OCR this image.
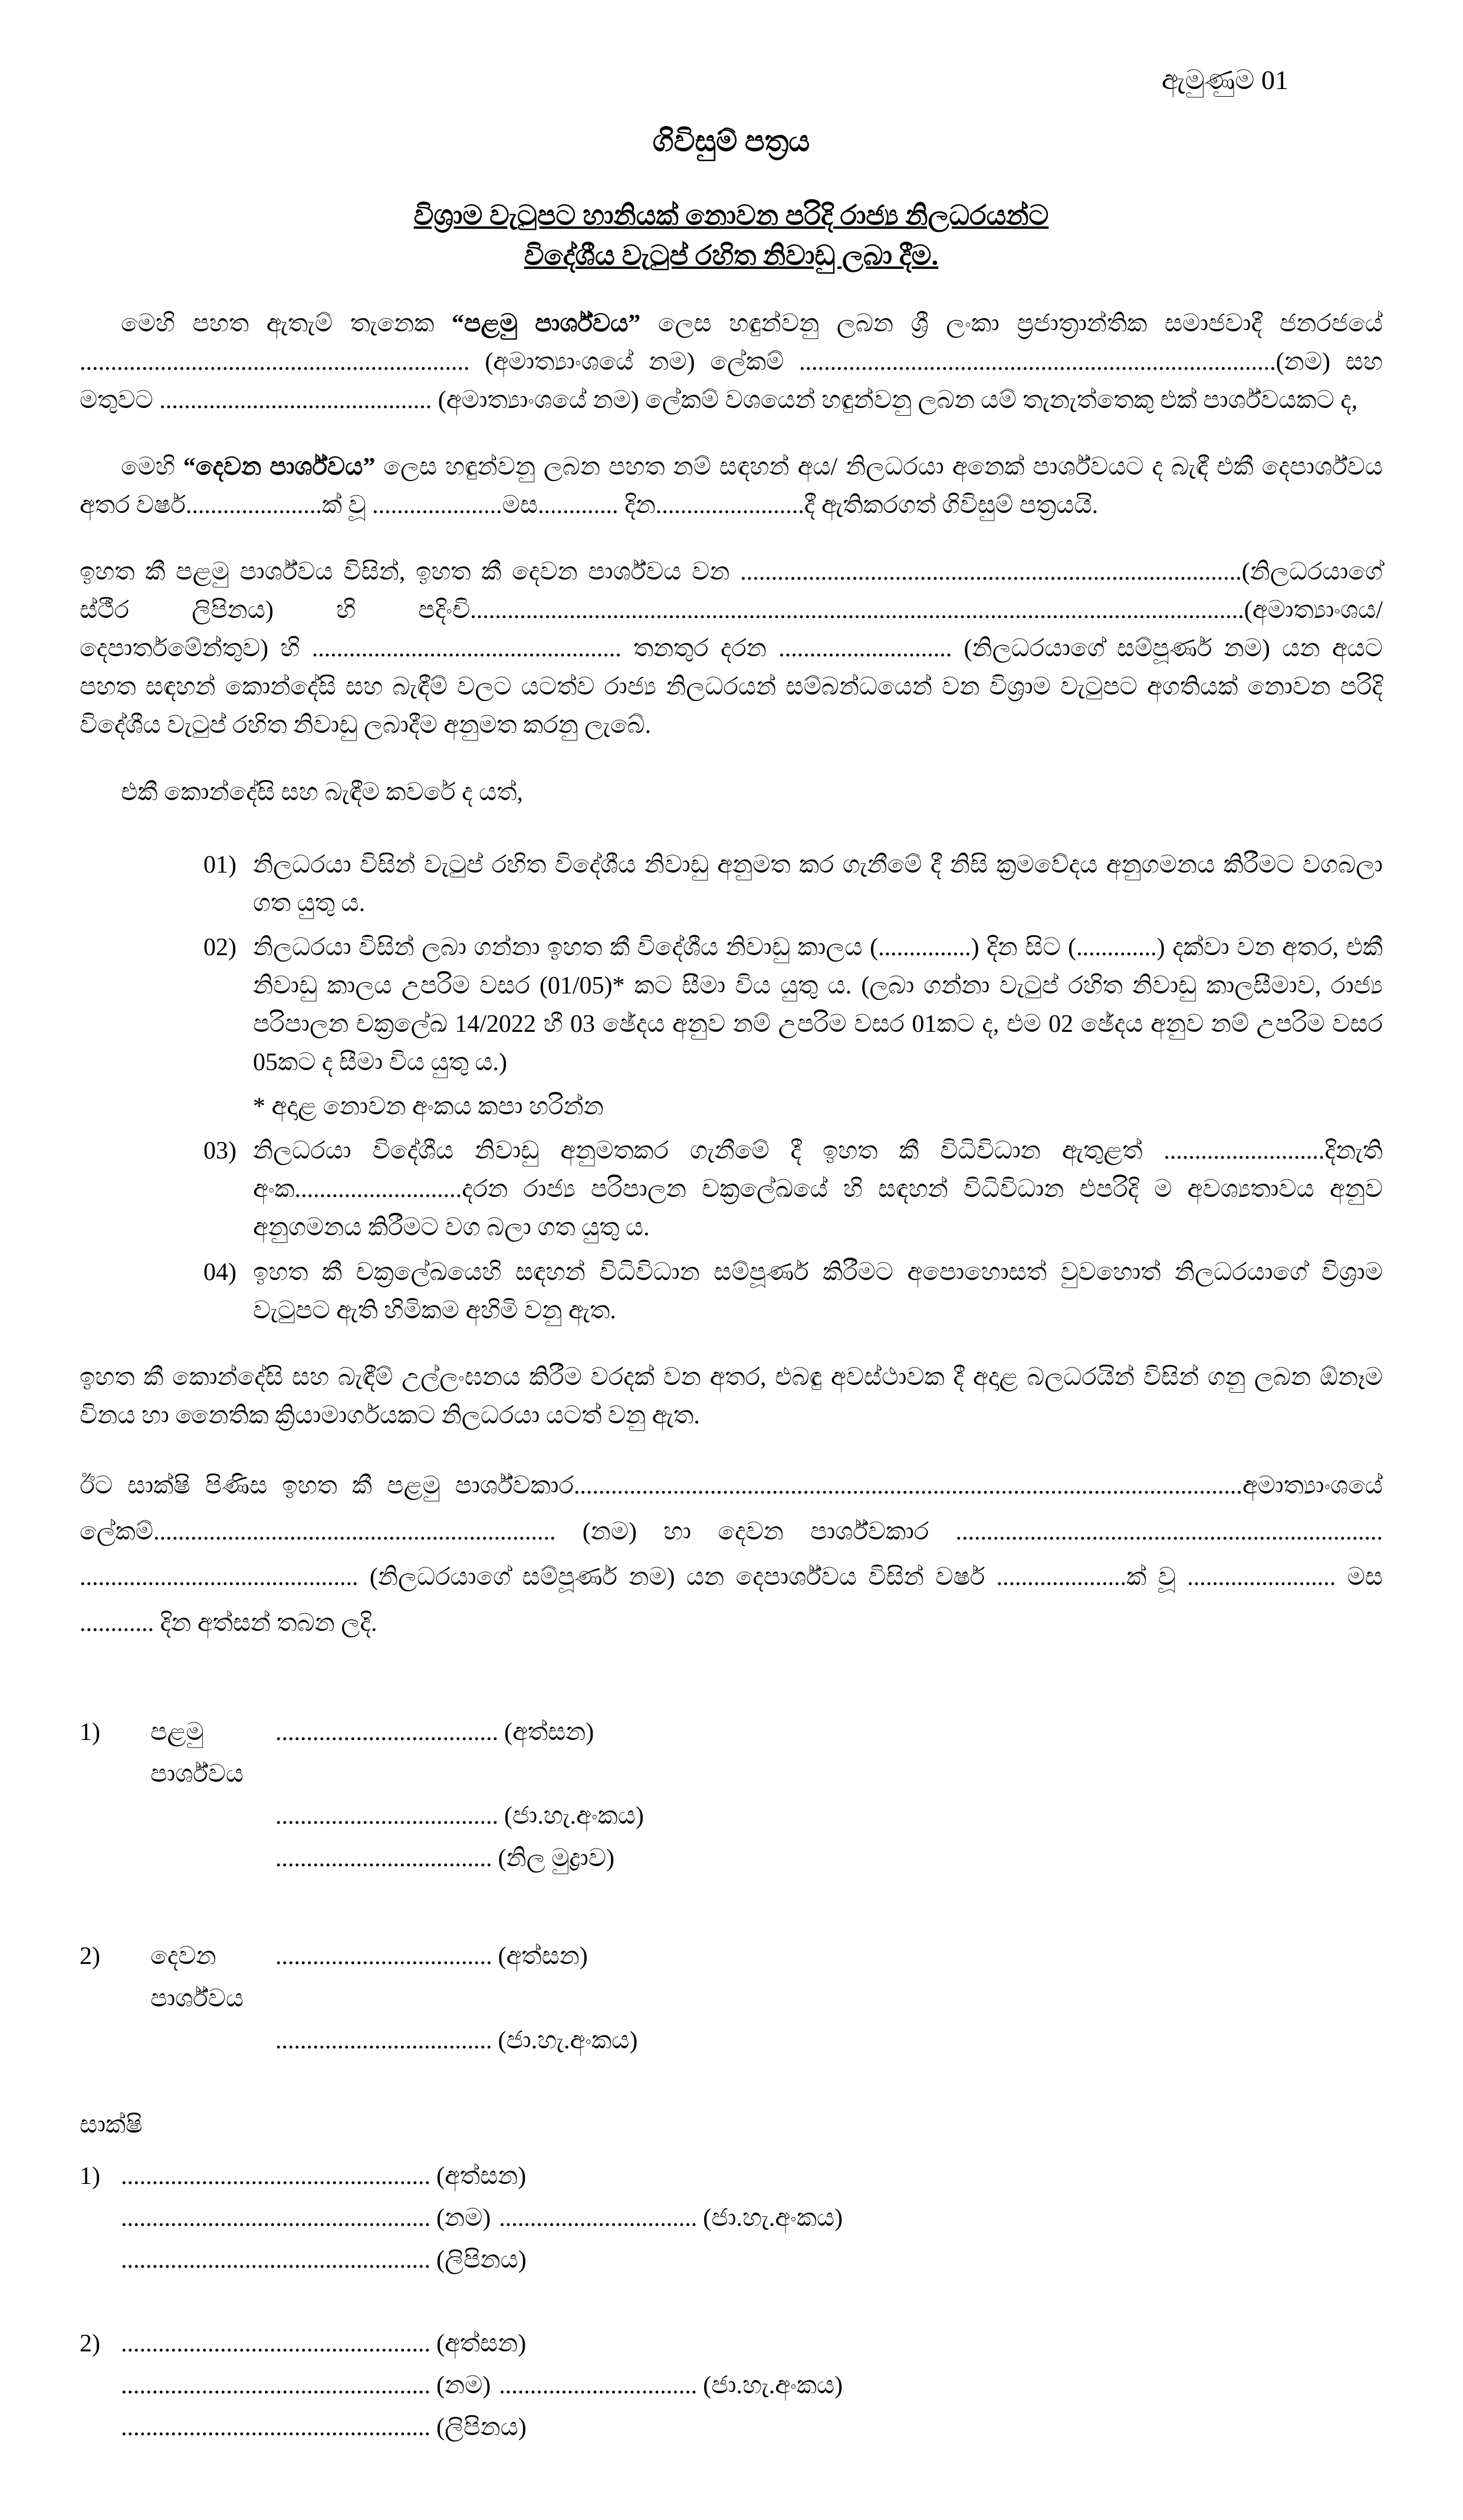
ඇමුණුම 01
ගිවිසුම් පත්‍රය
විශ්‍රාම වැටුපට හානියක් නොවන පරිදි රාජ්‍ය නිලධරයන්ට
විදේශීය වැටුප් රහිත නිවාඩු ලබා දීම.

මෙහි පහත ඇතැම් තැනෙක “පළමු පාර්ශ්වය” ලෙස හඳුන්වනු ලබන ශ්‍රී ලංකා ප්‍රජාත්‍රාන්තික සමාජවාදී ජනරජයේ ............................................................... (අමාත්‍යාංශයේ නම) ලේකම් .............................................................................(නම) සහ මතුවට ............................................ (අමාත්‍යාංශයේ නම) ලේකම් වශයෙන් හඳුන්වනු ලබන යම් තැනැත්තෙකු එක් පාර්ශ්වයකට ද,

මෙහි “දෙවන පාර්ශ්වය” ලෙස හඳුන්වනු ලබන පහත නම් සඳහන් අය/ නිලධරයා අනෙක් පාර්ශ්වයට ද බැඳී එකී දෙපාර්ශ්වය අතර වර්ෂ......................ක් වූ .....................මස............. දින........................දී ඇතිකරගත් ගිවිසුම් පත්‍රයයි.

ඉහත කී පළමු පාර්ශ්වය විසින්, ඉහත කී දෙවන පාර්ශ්වය වන .................................................................................(නිලධරයාගේ ස්ථීර ලිපිනය) හි පදිංචි.............................................................................................................................(අමාත්‍යාංශය/දෙපාර්තමේන්තුව) හි .................................................. තනතුර දරන ............................ (නිලධරයාගේ සම්පූර්ණ නම) යන අයට පහත සඳහන් කොන්දේසි සහ බැඳීම් වලට යටත්ව රාජ්‍ය නිලධරයන් සම්බන්ධයෙන් වන විශ්‍රාම වැටුපට අගතියක් නොවන පරිදි විදේශීය වැටුප් රහිත නිවාඩු ලබාදීම අනුමත කරනු ලැබේ.

එකී කොන්දේසි සහ බැඳීම කවරේ ද යත්,

01) නිලධරයා විසින් වැටුප් රහිත විදේශීය නිවාඩු අනුමත කර ගැනීමේ දී නිසි ක්‍රමවේදය අනුගමනය කිරීමට වගබලා ගත යුතු ය.
02) නිලධරයා විසින් ලබා ගන්නා ඉහත කී විදේශීය නිවාඩු කාලය (...............) දින සිට (.............) දක්වා වන අතර, එකී නිවාඩු කාලය උපරිම වසර (01/05)* කට සීමා විය යුතු ය. (ලබා ගන්නා වැටුප් රහිත නිවාඩු කාලසීමාව, රාජ්‍ය පරිපාලන චක්‍රලේඛ 14/2022 හී 03 ඡේදය අනුව නම් උපරිම වසර 01කට ද, එම 02 ඡේදය අනුව නම් උපරිම වසර 05කට ද සීමා විය යුතු ය.)
* අදාළ නොවන අංකය කපා හරින්න
03) නිලධරයා විදේශීය නිවාඩු අනුමතකර ගැනීමේ දී ඉහත කී විධිවිධාන ඇතුළත් ..........................දිනැති අංක...........................දරන රාජ්‍ය පරිපාලන චක්‍රලේඛයේ හි සඳහන් විධිවිධාන එපරිදි ම අවශ්‍යතාවය අනුව අනුගමනය කිරීමට වග බලා ගත යුතු ය.
04) ඉහත කී චක්‍රලේඛයෙහි සඳහන් විධිවිධාන සම්පූර්ණ කිරීමට අපොහොසත් වුවහොත් නිලධරයාගේ විශ්‍රාම වැටුපට ඇති හිමිකම අහිමි වනු ඇත.

ඉහත කී කොන්දේසි සහ බැඳීම් උල්ලංඝනය කිරීම වරදක් වන අතර, එබඳු අවස්ථාවක දී අදාළ බලධරයින් විසින් ගනු ලබන ඕනෑම විනය හා නෛතික ක්‍රියාමාර්ගයකට නිලධරයා යටත් වනු ඇත.

ඊට සාක්ෂි පිණිස ඉහත කී පළමු පාර්ශ්වකාර............................................................................................................අමාත්‍යාංශයේ ලේකම්................................................................. (නම) හා දෙවන පාර්ශ්වකාර ..................................................................... ............................................. (නිලධරයාගේ සම්පූර්ණ නම) යන දෙපාර්ශ්වය විසින් වර්ෂ .....................ක් වූ ........................ මස ............ දින අත්සන් තබන ලදි.

1)	පළමු පාර්ශ්වය
.................................... (අත්සන)
.................................... (ජා.හැ.අංකය)
................................... (නිල මුද්‍රාව)
2)	දෙවන පාර්ශ්වය
................................... (අත්සන)
................................... (ජා.හැ.අංකය)
සාක්ෂි
1) .................................................. (අත්සන)
.................................................. (නම) ................................ (ජා.හැ.අංකය)
.................................................. (ලිපිනය)
2) .................................................. (අත්සන)
.................................................. (නම) ................................ (ජා.හැ.අංකය)
.................................................. (ලිපිනය)
